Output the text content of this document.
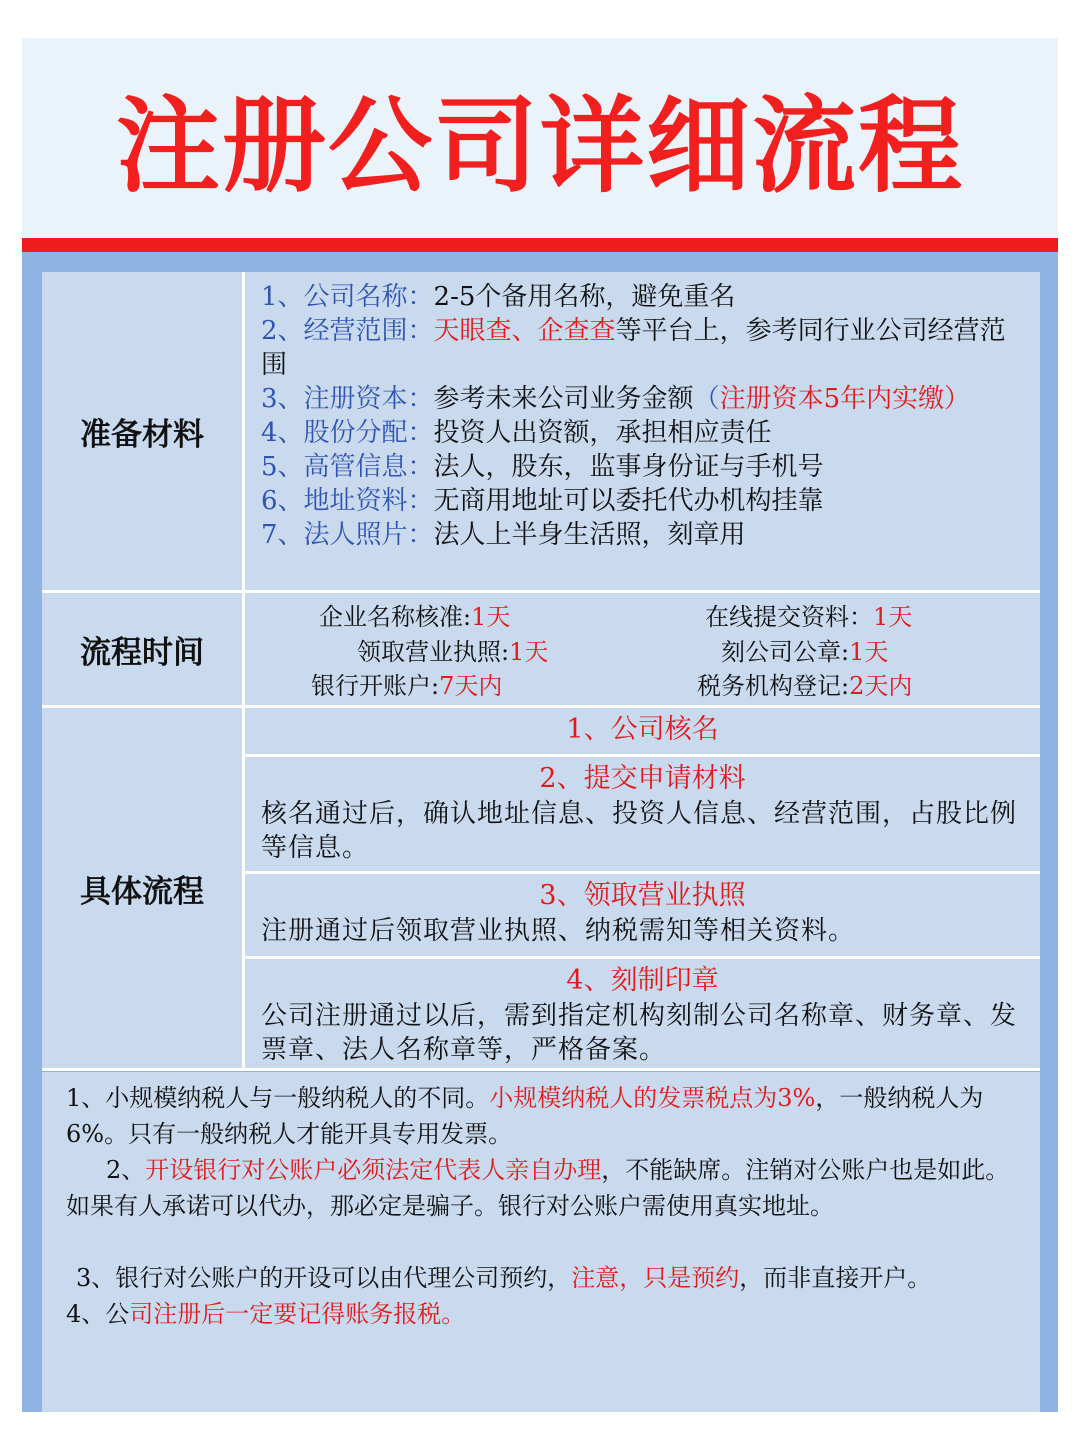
注册公司详细流程
准备材料
1、公司名称：2-5个备用名称，避免重名
2、经营范围：天眼查、企查查等平台上，参考同行业公司经营范围
3、注册资本：参考未来公司业务金额（注册资本5年内实缴）
4、股份分配：投资人出资额，承担相应责任
5、高管信息：法人，股东，监事身份证与手机号
6、地址资料：无商用地址可以委托代办机构挂靠
7、法人照片：法人上半身生活照，刻章用
流程时间
企业名称核准:1天	在线提交资料：1天
领取营业执照:1天	刻公司公章:1天
银行开账户:7天内	税务机构登记:2天内
具体流程
1、公司核名
2、提交申请材料
核名通过后，确认地址信息、投资人信息、经营范围，占股比例等信息。
3、领取营业执照
注册通过后领取营业执照、纳税需知等相关资料。
4、刻制印章
公司注册通过以后，需到指定机构刻制公司名称章、财务章、发票章、法人名称章等，严格备案。

1、小规模纳税人与一般纳税人的不同。小规模纳税人的发票税点为3%，一般纳税人为6%。只有一般纳税人才能开具专用发票。

2、开设银行对公账户必须法定代表人亲自办理，不能缺席。注销对公账户也是如此。如果有人承诺可以代办，那必定是骗子。银行对公账户需使用真实地址。

3、银行对公账户的开设可以由代理公司预约，注意，只是预约，而非直接开户。

4、公司注册后一定要记得账务报税。
